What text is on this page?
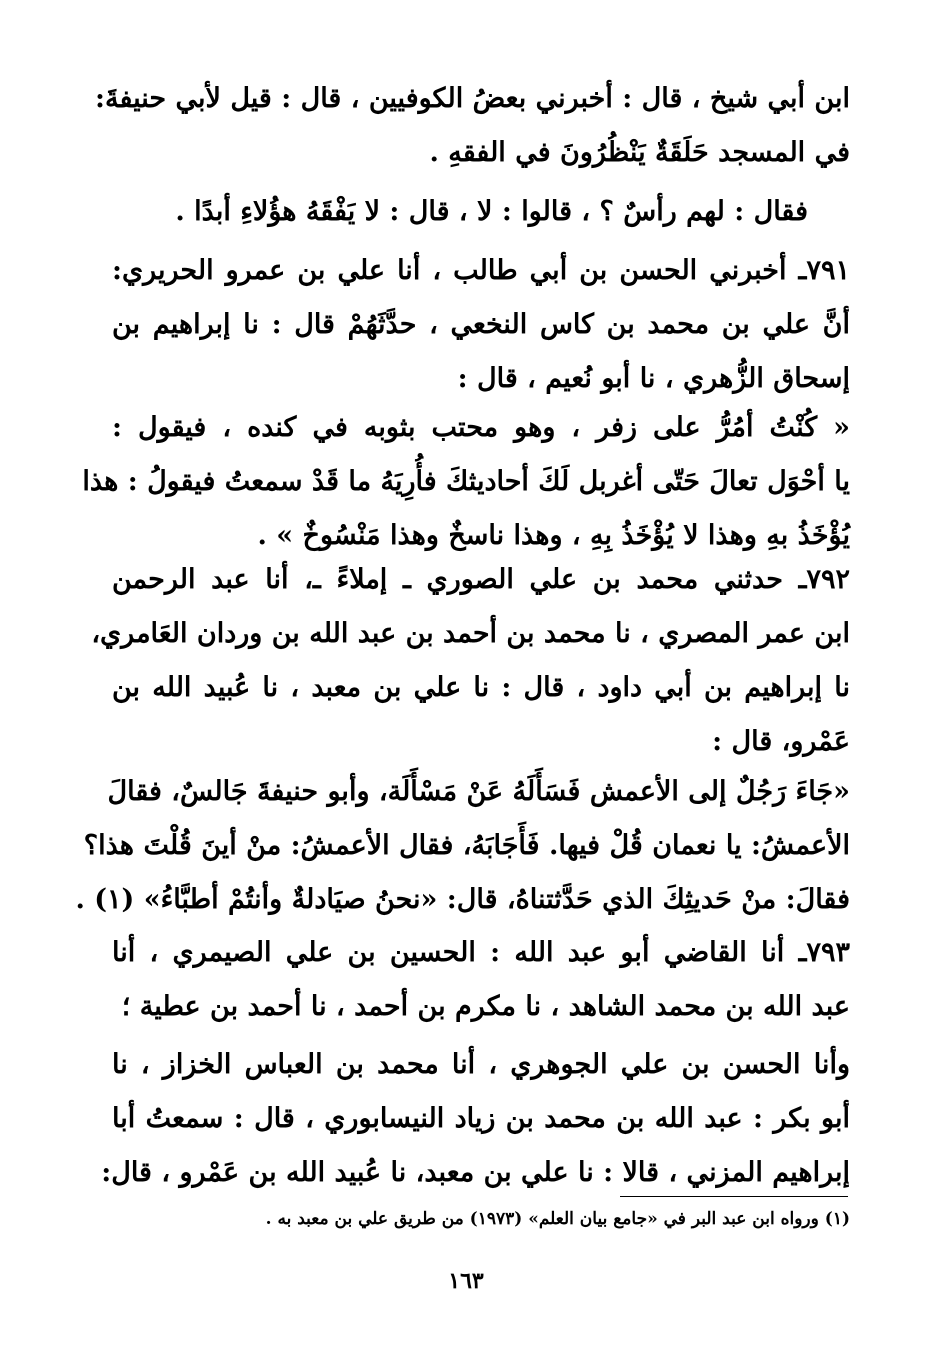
ابن أبي شيخ ، قال : أخبرني بعضُ الكوفيين ، قال : قيل لأبي حنيفةَ:
في المسجد حَلَقَةٌ يَنْظُرُونَ في الفقهِ .
فقال : لهم رأسٌ ؟ ، قالوا : لا ، قال : لا يَفْقَهُ هؤُلاءِ أبدًا .
٧٩١ـ أخبرني الحسن بن أبي طالب ، أنا علي بن عمرو الحريري:
أنَّ علي بن محمد بن كاس النخعي ، حدَّثَهُمْ قال : نا إبراهيم بن
إسحاق الزُّهري ، نا أبو نُعيم ، قال :
« كُنْتُ أمُرُّ على زفر ، وهو محتب بثوبه في كنده ، فيقول :
يا أحْوَل تعالَ حَتّى أغربل لَكَ أحاديثكَ فأُرِيَهُ ما قَدْ سمعتُ فيقولُ : هذا
يُؤْخَذُ بهِ وهذا لا يُؤْخَذُ بِهِ ، وهذا ناسخٌ وهذا مَنْسُوخٌ » .
٧٩٢ـ حدثني محمد بن علي الصوري ـ إملاءً ـ، أنا عبد الرحمن
ابن عمر المصري ، نا محمد بن أحمد بن عبد الله بن وردان العَامري،
نا إبراهيم بن أبي داود ، قال : نا علي بن معبد ، نا عُبيد الله بن
عَمْرو، قال :
«جَاءَ رَجُلٌ إلى الأعمش فَسَأَلَهُ عَنْ مَسْأَلَة، وأبو حنيفةَ جَالسٌ، فقالَ
الأعمشُ: يا نعمان قُلْ فيها. فَأَجَابَهُ، فقال الأعمشُ: منْ أينَ قُلْتَ هذا؟
فقالَ: منْ حَديثِكَ الذي حَدَّثتناهُ، قال: «نحنُ صيَادلةٌ وأنتُمْ أطبَّاءُ» (١) .
٧٩٣ـ أنا القاضي أبو عبد الله : الحسين بن علي الصيمري ، أنا
عبد الله بن محمد الشاهد ، نا مكرم بن أحمد ، نا أحمد بن عطية ؛
وأنا الحسن بن علي الجوهري ، أنا محمد بن العباس الخزاز ، نا
أبو بكر : عبد الله بن محمد بن زياد النيسابوري ، قال : سمعتُ أبا
إبراهيم المزني ، قالا : نا علي بن معبد، نا عُبيد الله بن عَمْرو ، قال:
(١) ورواه ابن عبد البر في «جامع بيان العلم» (١٩٧٣) من طريق علي بن معبد به .
١٦٣
